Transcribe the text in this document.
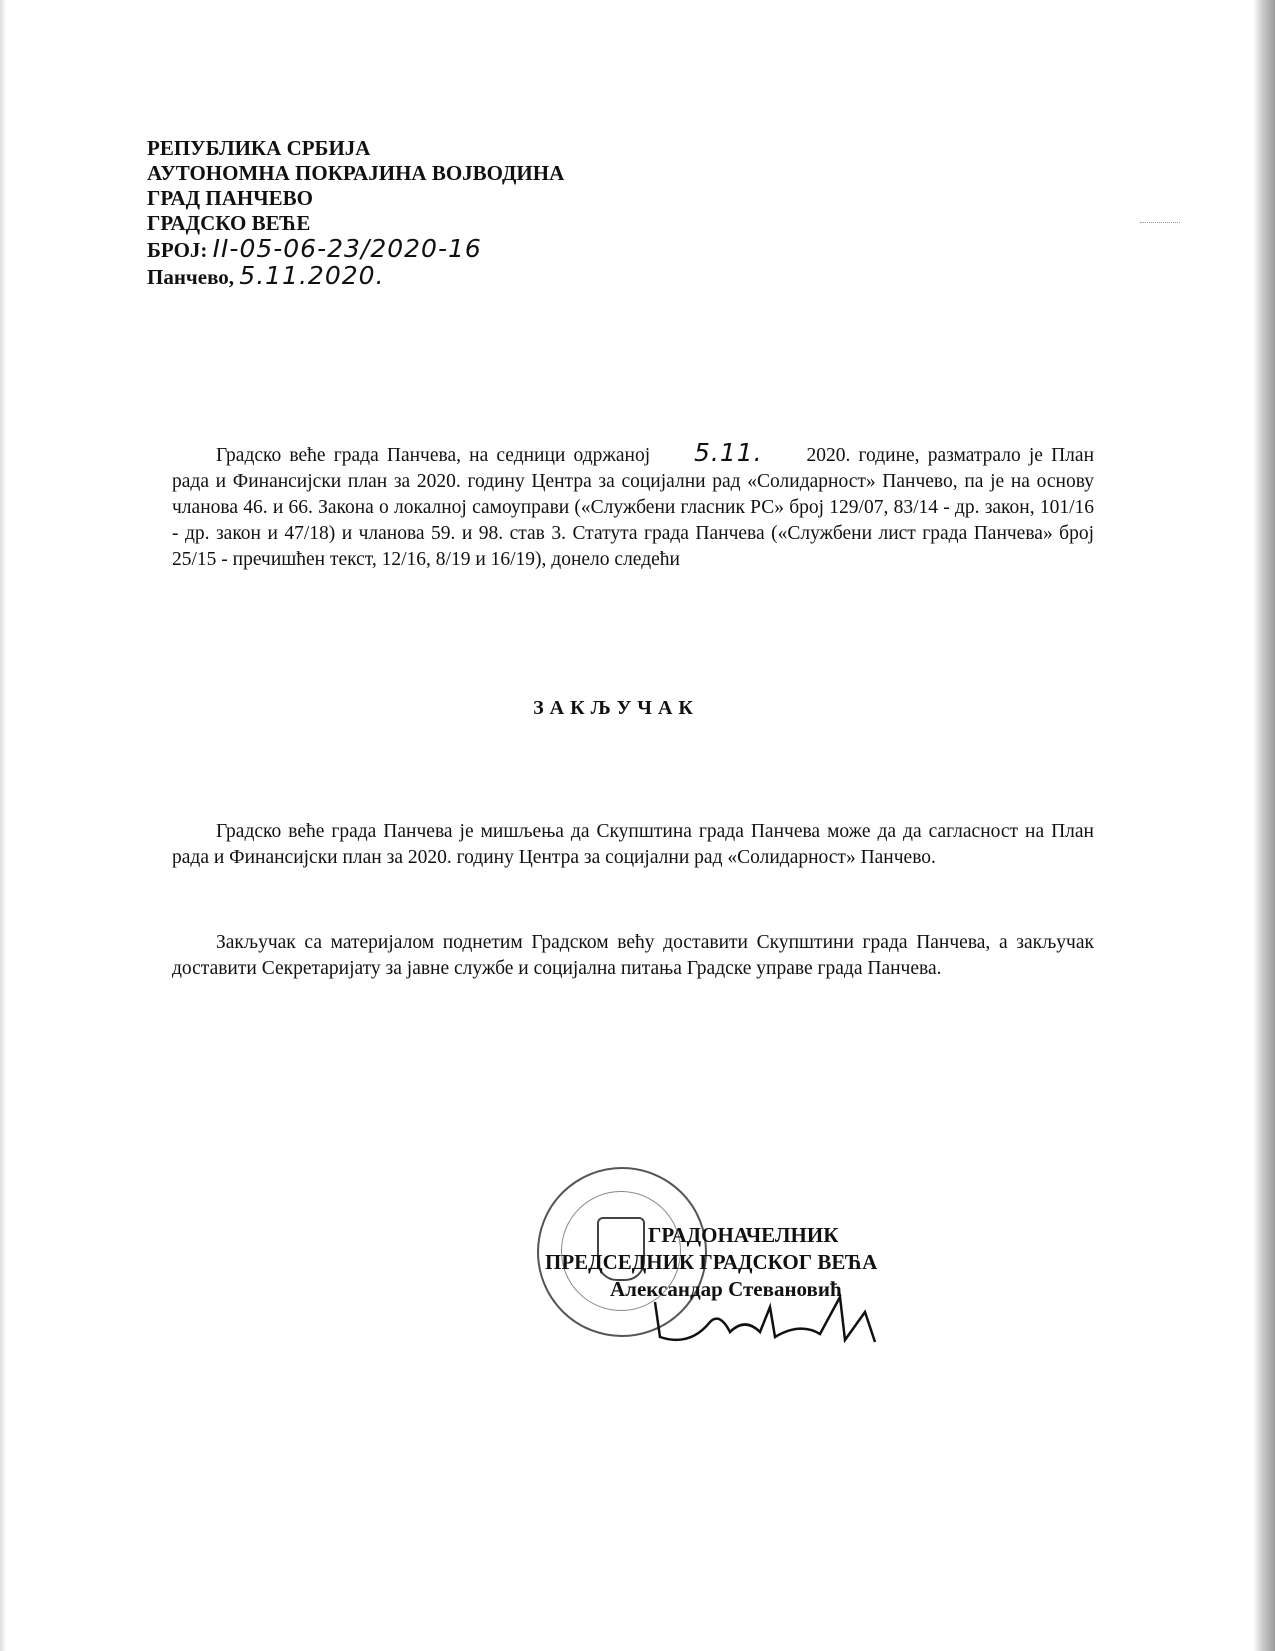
РЕПУБЛИКА СРБИЈА
АУТОНОМНА ПОКРАЈИНА ВОЈВОДИНА
ГРАД ПАНЧЕВО
ГРАДСКО ВЕЋЕ
БРОЈ: II-05-06-23/2020-16
Панчево, 5.11.2020.
Градско веће града Панчева, на седници одржаној 5.11. 2020. године, разматрало је План рада и Финансијски план за 2020. годину Центра за социјални рад «Солидарност» Панчево, па је на основу чланова 46. и 66. Закона о локалној самоуправи («Службени гласник РС» број 129/07, 83/14 - др. закон, 101/16 - др. закон и 47/18) и чланова 59. и 98. став 3. Статута града Панчева («Службени лист града Панчева» број 25/15 - пречишћен текст, 12/16, 8/19 и 16/19), донело следећи
ЗАКЉУЧАК
Градско веће града Панчева је мишљења да Скупштина града Панчева може да да сагласност на План рада и Финансијски план за 2020. годину Центра за социјални рад «Солидарност» Панчево.
Закључак са материјалом поднетим Градском већу доставити Скупштини града Панчева, а закључак доставити Секретаријату за јавне службе и социјална питања Градске управе града Панчева.
ГРАДОНАЧЕЛНИК
ПРЕДСЕДНИК ГРАДСКОГ ВЕЋА
Александар Стевановић
